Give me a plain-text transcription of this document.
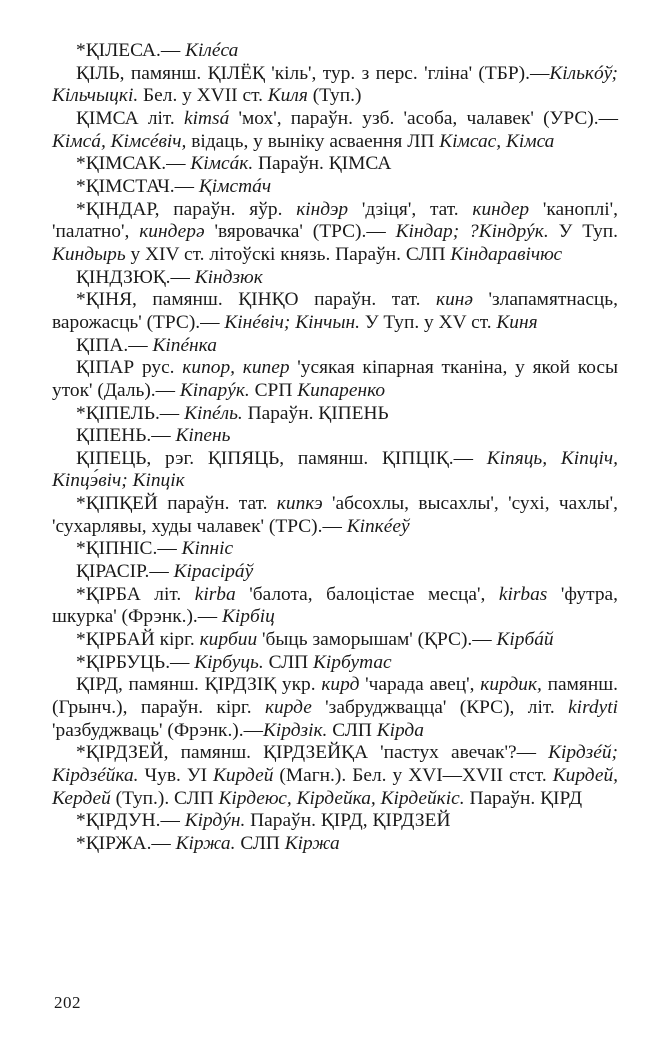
*ҚІЛЕСА.— Кілéса

ҚІЛЬ, памянш. ҚІЛЁҚ 'кіль', тур. з перс. 'гліна' (ТБР).—Кількóў; Кільчыцкі. Бел. у XVII ст. Киля (Туп.)

ҚІМСА літ. kimsá 'мох', параўн. узб. 'асоба, чалавек' (УРС).— Кімсá, Кімсéвіч, відаць, у выніку асваення ЛП Кімсас, Кімса

*ҚІМСАК.— Кімсáк. Параўн. ҚІМСА

*ҚІМСТАЧ.— Қімстáч

*ҚІНДАР, параўн. яўр. кіндэр 'дзіця', тат. киндер 'каноплі', 'палатно', киндерә 'вяровачка' (ТРС).— Кіндар; ?Кіндрýк. У Туп. Киндырь у XIV ст. літоўскі князь. Параўн. СЛП Кіндаравічюс

ҚІНДЗЮҚ.— Кіндзюк

*ҚІНЯ, памянш. ҚІНҚО параўн. тат. кинә 'злапамятнасць, варожасць' (ТРС).— Кінéвіч; Кінчын. У Туп. у XV ст. Киня

ҚІПА.— Кіпéнка

ҚІПАР рус. кипор, кипер 'усякая кіпарная тканіна, у якой косы уток' (Даль).— Кіпарýк. СРП Кипаренко

*ҚІПЕЛЬ.— Кіпéль. Параўн. ҚІПЕНЬ

ҚІПЕНЬ.— Кіпень

ҚІПЕЦЬ, рэг. ҚІПЯЦЬ, памянш. ҚІПЦІҚ.— Кіпяць, Кіпціч, Кіпцэ́віч; Кіпцік

*ҚІПҚЕЙ параўн. тат. кипкэ 'абсохлы, высахлы', 'сухі, чахлы', 'сухарлявы, худы чалавек' (ТРС).— Кіпкéеў

*ҚІПНІС.— Кіпніс

ҚІРАСІР.— Кірасірáў

*ҚІРБА літ. kirba 'балота, балоцістае месца', kirbas 'футра, шкурка' (Фрэнк.).— Кірбіц

*ҚІРБАЙ кірг. кирбии 'быць заморышам' (ҚРС).— Кірбáй

*ҚІРБУЦЬ.— Кірбуць. СЛП Кірбутас

ҚІРД, памянш. ҚІРДЗІҚ укр. кирд 'чарада авец', кирдик, памянш. (Грынч.), параўн. кірг. кирде 'забруджвацца' (КРС), літ. kirdyti 'разбуджваць' (Фрэнк.).—Кірдзік. СЛП Кірда

*ҚІРДЗЕЙ, памянш. ҚІРДЗЕЙҚА 'пастух авечак'?— Кірдзéй; Кірдзéйка. Чув. УІ Кирдей (Магн.). Бел. у XVI—XVII стст. Кирдей, Кердей (Туп.). СЛП Кірдеюс, Кірдейка, Кірдейкіс. Параўн. ҚІРД

*ҚІРДУН.— Кірдýн. Параўн. ҚІРД, ҚІРДЗЕЙ

*ҚІРЖА.— Кіржа. СЛП Кіржа

202
